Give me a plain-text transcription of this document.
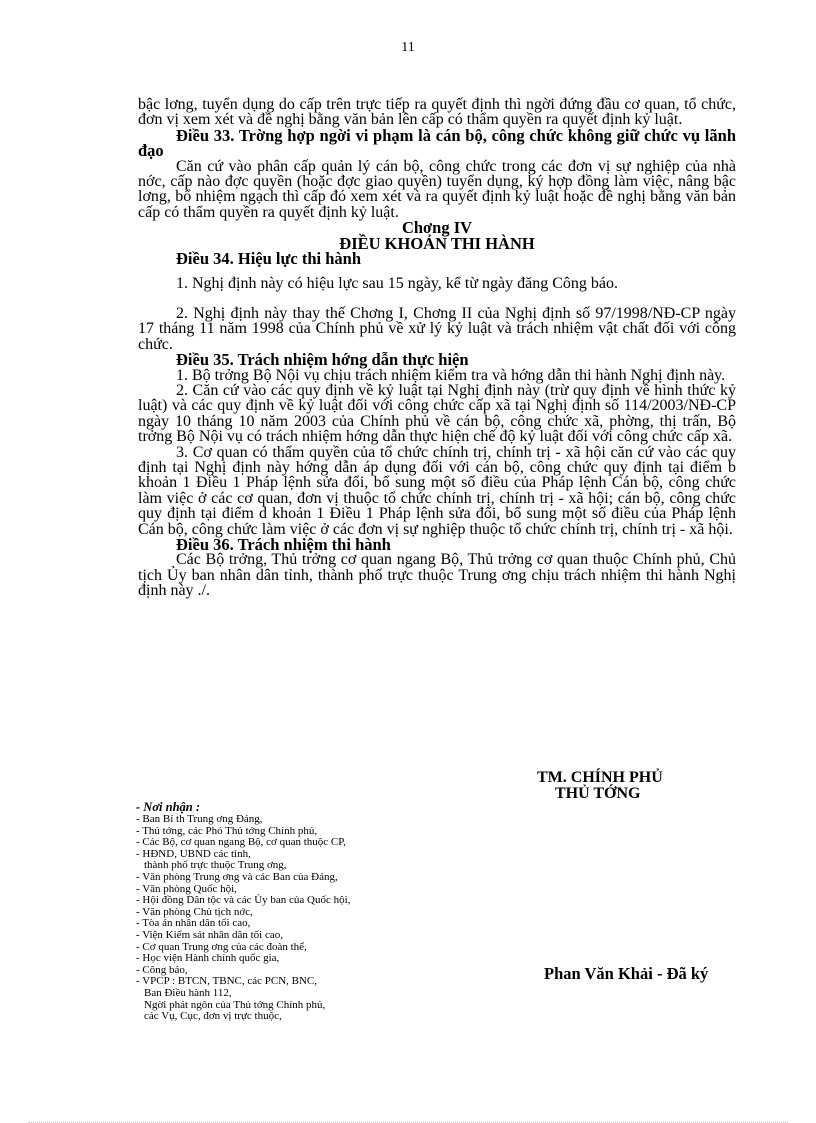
11

bậc lơng, tuyển dụng do cấp trên trực tiếp ra quyết định thì ngời đứng đầu cơ quan, tổ chức, đơn vị xem xét và đề nghị bằng văn bản lên cấp có thẩm quyền ra quyết định kỷ luật.

Điều 33. Trờng hợp ngời vi phạm là cán bộ, công chức không giữ chức vụ lãnh đạo

Căn cứ vào phân cấp quản lý cán bộ, công chức trong các đơn vị sự nghiệp của nhà nớc, cấp nào đợc quyền (hoặc đợc giao quyền) tuyển dụng, ký hợp đồng làm việc, nâng bậc lơng, bổ nhiệm ngạch thì cấp đó xem xét và ra quyết định kỷ luật hoặc đề nghị bằng văn bản cấp có thẩm quyền ra quyết định kỷ luật.

Chơng IV

ĐIỀU KHOẢN THI HÀNH

Điều 34. Hiệu lực thi hành

1. Nghị định này có hiệu lực sau 15 ngày, kể từ ngày đăng Công báo.

2. Nghị định này thay thế Chơng I, Chơng II của Nghị định số 97/1998/NĐ-CP ngày 17 tháng 11 năm 1998 của Chính phủ về xử lý kỷ luật và trách nhiệm vật chất đối với công chức.

Điều 35. Trách nhiệm hớng dẫn thực hiện

1. Bộ trởng Bộ Nội vụ chịu trách nhiệm kiểm tra và hớng dẫn thi hành Nghị định này.

2. Căn cứ vào các quy định về kỷ luật tại Nghị định này (trừ quy định về hình thức kỷ luật) và các quy định về kỷ luật đối với công chức cấp xã tại Nghị định số 114/2003/NĐ-CP ngày 10 tháng 10 năm 2003 của Chính phủ về cán bộ, công chức xã, phờng, thị trấn, Bộ trởng Bộ Nội vụ có trách nhiệm hớng dẫn thực hiện chế độ kỷ luật đối với công chức cấp xã.

3. Cơ quan có thẩm quyền của tổ chức chính trị, chính trị - xã hội căn cứ vào các quy định tại Nghị định này hớng dẫn áp dụng đối với cán bộ, công chức quy định tại điểm b khoản 1 Điều 1 Pháp lệnh sửa đổi, bổ sung một số điều của Pháp lệnh Cán bộ, công chức làm việc ở các cơ quan, đơn vị thuộc tổ chức chính trị, chính trị - xã hội; cán bộ, công chức quy định tại điểm d khoản 1 Điều 1 Pháp lệnh sửa đổi, bổ sung một số điều của Pháp lệnh Cán bộ, công chức làm việc ở các đơn vị sự nghiệp thuộc tổ chức chính trị, chính trị - xã hội.

Điều 36. Trách nhiệm thi hành

Các Bộ trởng, Thủ trởng cơ quan ngang Bộ, Thủ trởng cơ quan thuộc Chính phủ, Chủ tịch Ủy ban nhân dân tỉnh, thành phố trực thuộc Trung ơng chịu trách nhiệm thi hành Nghị định này ./.

TM. CHÍNH PHỦ
THỦ TỚNG
- Nơi nhận :
- Ban Bí th Trung ơng Đảng,
- Thủ tớng, các Phó Thủ tớng Chính phủ,
- Các Bộ, cơ quan ngang Bộ, cơ quan thuộc CP,
- HĐND, UBND các tỉnh,
thành phố trực thuộc Trung ơng,
- Văn phòng Trung ơng và các Ban của Đảng,
- Văn phòng Quốc hội,
- Hội đồng Dân tộc và các Ủy ban của Quốc hội,
- Văn phòng Chủ tịch nớc,
- Tòa án nhân dân tối cao,
- Viện Kiểm sát nhân dân tối cao,
- Cơ quan Trung ơng của các đoàn thể,
- Học viện Hành chính quốc gia,
- Công báo,
- VPCP : BTCN, TBNC, các PCN, BNC,
Ban Điều hành 112,
Ngời phát ngôn của Thủ tớng Chính phủ,
các Vụ, Cục, đơn vị trực thuộc,
Phan Văn Khải - Đã ký
